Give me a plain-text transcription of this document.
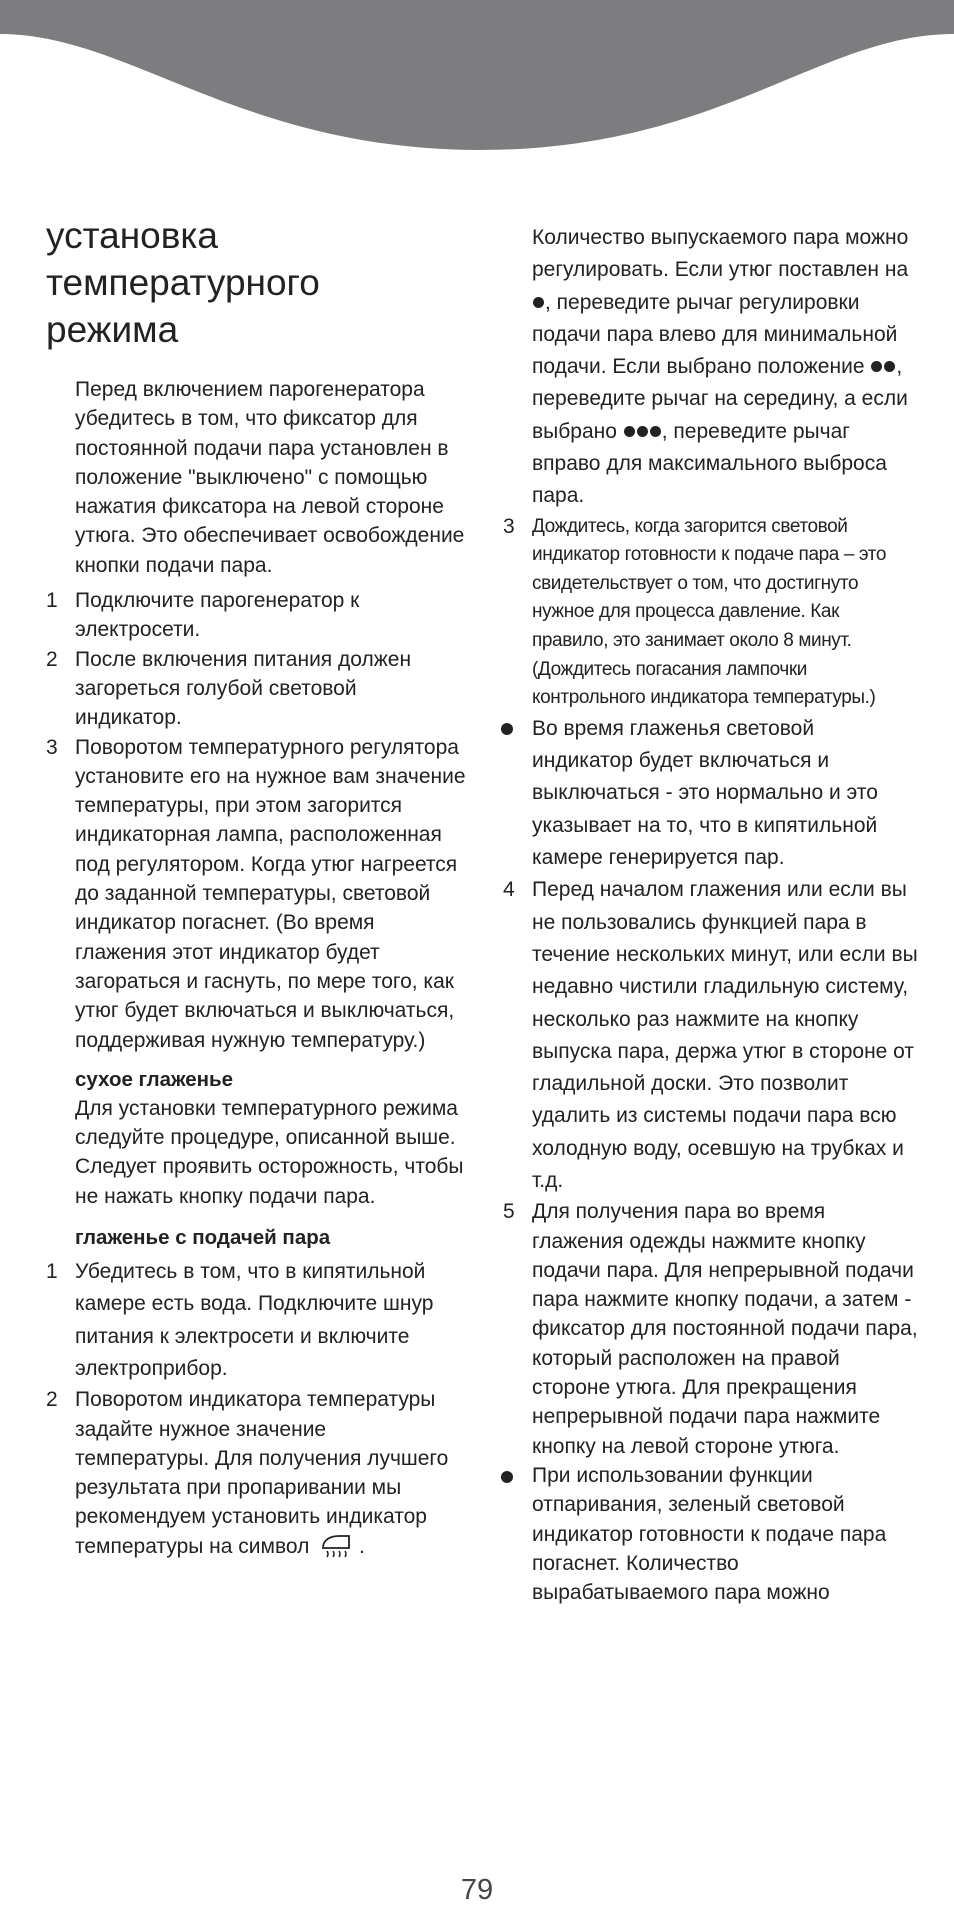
установка
температурного
режима

Перед включением парогенератора убедитесь в том, что фиксатор для постоянной подачи пара установлен в положение "выключено" с помощью нажатия фиксатора на левой стороне утюга. Это обеспечивает освобождение кнопки подачи пара.

1 Подключите парогенератор к электросети.
2 После включения питания должен загореться голубой световой индикатор.
3 Поворотом температурного регулятора установите его на нужное вам значение температуры, при этом загорится индикаторная лампа, расположенная под регулятором. Когда утюг нагреется до заданной температуры, световой индикатор погаснет. (Во время глажения этот индикатор будет загораться и гаснуть, по мере того, как утюг будет включаться и выключаться, поддерживая нужную температуру.)
сухое глаженье

Для установки температурного режима следуйте процедуре, описанной выше.

Следует проявить осторожность, чтобы не нажать кнопку подачи пара.

глаженье с подачей пара
1 Убедитесь в том, что в кипятильной камере есть вода. Подключите шнур питания к электросети и включите электроприбор.
2 Поворотом индикатора температуры задайте нужное значение температуры. Для получения лучшего результата при пропаривании мы рекомендуем установить индикатор температуры на символ .

Количество выпускаемого пара можно регулировать. Если утюг поставлен на , переведите рычаг регулировки подачи пара влево для минимальной подачи. Если выбрано положение , переведите рычаг на середину, а если выбрано , переведите рычаг вправо для максимального выброса пара.

3 Дождитесь, когда загорится световой индикатор готовности к подаче пара – это свидетельствует о том, что достигнуто нужное для процесса давление. Как правило, это занимает около 8 минут. (Дождитесь погасания лампочки контрольного индикатора температуры.)
Во время глаженья световой индикатор будет включаться и выключаться - это нормально и это указывает на то, что в кипятильной камере генерируется пар.
4 Перед началом глажения или если вы не пользовались функцией пара в течение нескольких минут, или если вы недавно чистили гладильную систему, несколько раз нажмите на кнопку выпуска пара, держа утюг в стороне от гладильной доски. Это позволит удалить из системы подачи пара всю холодную воду, осевшую на трубках и т.д.
5 Для получения пара во время глажения одежды нажмите кнопку подачи пара. Для непрерывной подачи пара нажмите кнопку подачи, а затем - фиксатор для постоянной подачи пара, который расположен на правой стороне утюга. Для прекращения непрерывной подачи пара нажмите кнопку на левой стороне утюга.
При использовании функции отпаривания, зеленый световой индикатор готовности к подаче пара погаснет. Количество вырабатываемого пара можно
79
